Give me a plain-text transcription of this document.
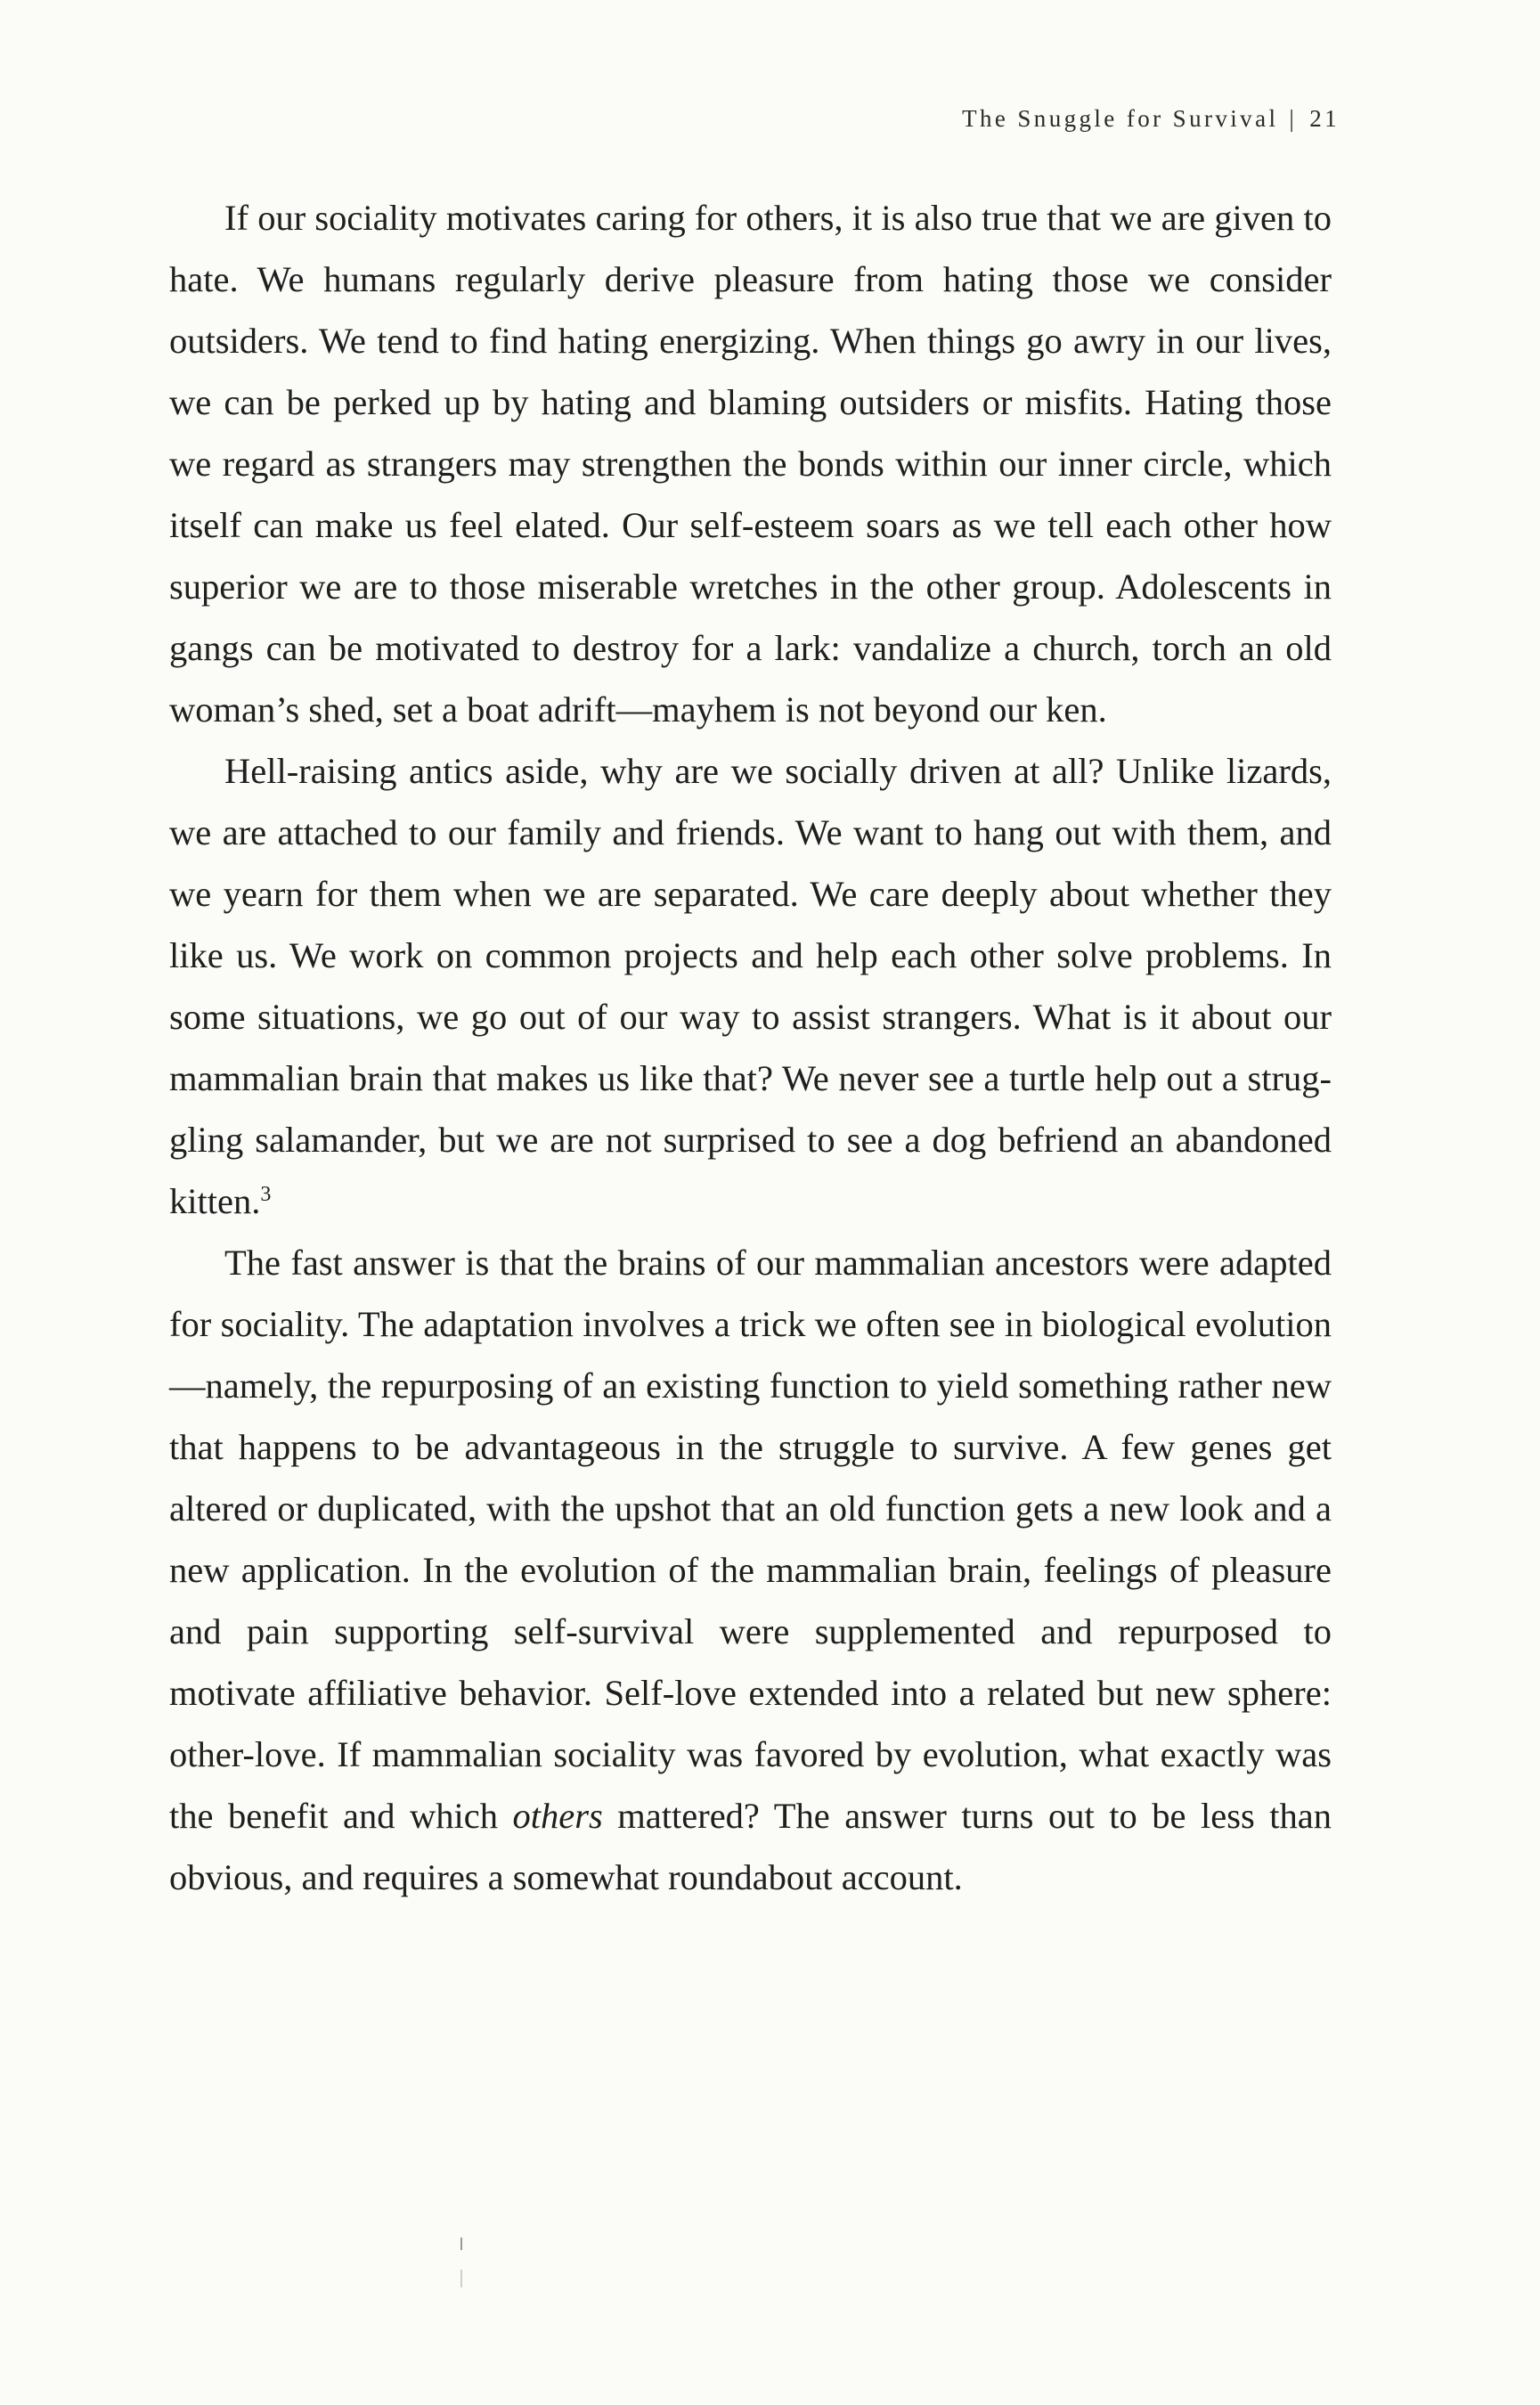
The Snuggle for Survival | 21

If our sociality motivates caring for others, it is also true that we are given to hate. We humans regularly derive pleasure from hating those we consider outsiders. We tend to find hating energizing. When things go awry in our lives, we can be perked up by hating and blaming outsiders or misfits. Hating those we regard as strangers may strengthen the bonds within our inner circle, which itself can make us feel elated. Our self-esteem soars as we tell each other how superior we are to those miserable wretches in the other group. Adolescents in gangs can be motivated to destroy for a lark: vandalize a church, torch an old woman’s shed, set a boat adrift—mayhem is not beyond our ken.

Hell-raising antics aside, why are we socially driven at all? Unlike lizards, we are attached to our family and friends. We want to hang out with them, and we yearn for them when we are separated. We care deeply about whether they like us. We work on common projects and help each other solve problems. In some situations, we go out of our way to assist strangers. What is it about our mammalian brain that makes us like that? We never see a turtle help out a struggling salamander, but we are not surprised to see a dog befriend an abandoned kitten.$^3$

The fast answer is that the brains of our mammalian ancestors were adapted for sociality. The adaptation involves a trick we often see in biological evolution—namely, the repurposing of an existing function to yield something rather new that happens to be advantageous in the struggle to survive. A few genes get altered or duplicated, with the upshot that an old function gets a new look and a new application. In the evolution of the mammalian brain, feelings of pleasure and pain supporting self-survival were supplemented and repurposed to motivate affiliative behavior. Self-love extended into a related but new sphere: other-love. If mammalian sociality was favored by evolution, what exactly was the benefit and which others mattered? The answer turns out to be less than obvious, and requires a somewhat roundabout account.
